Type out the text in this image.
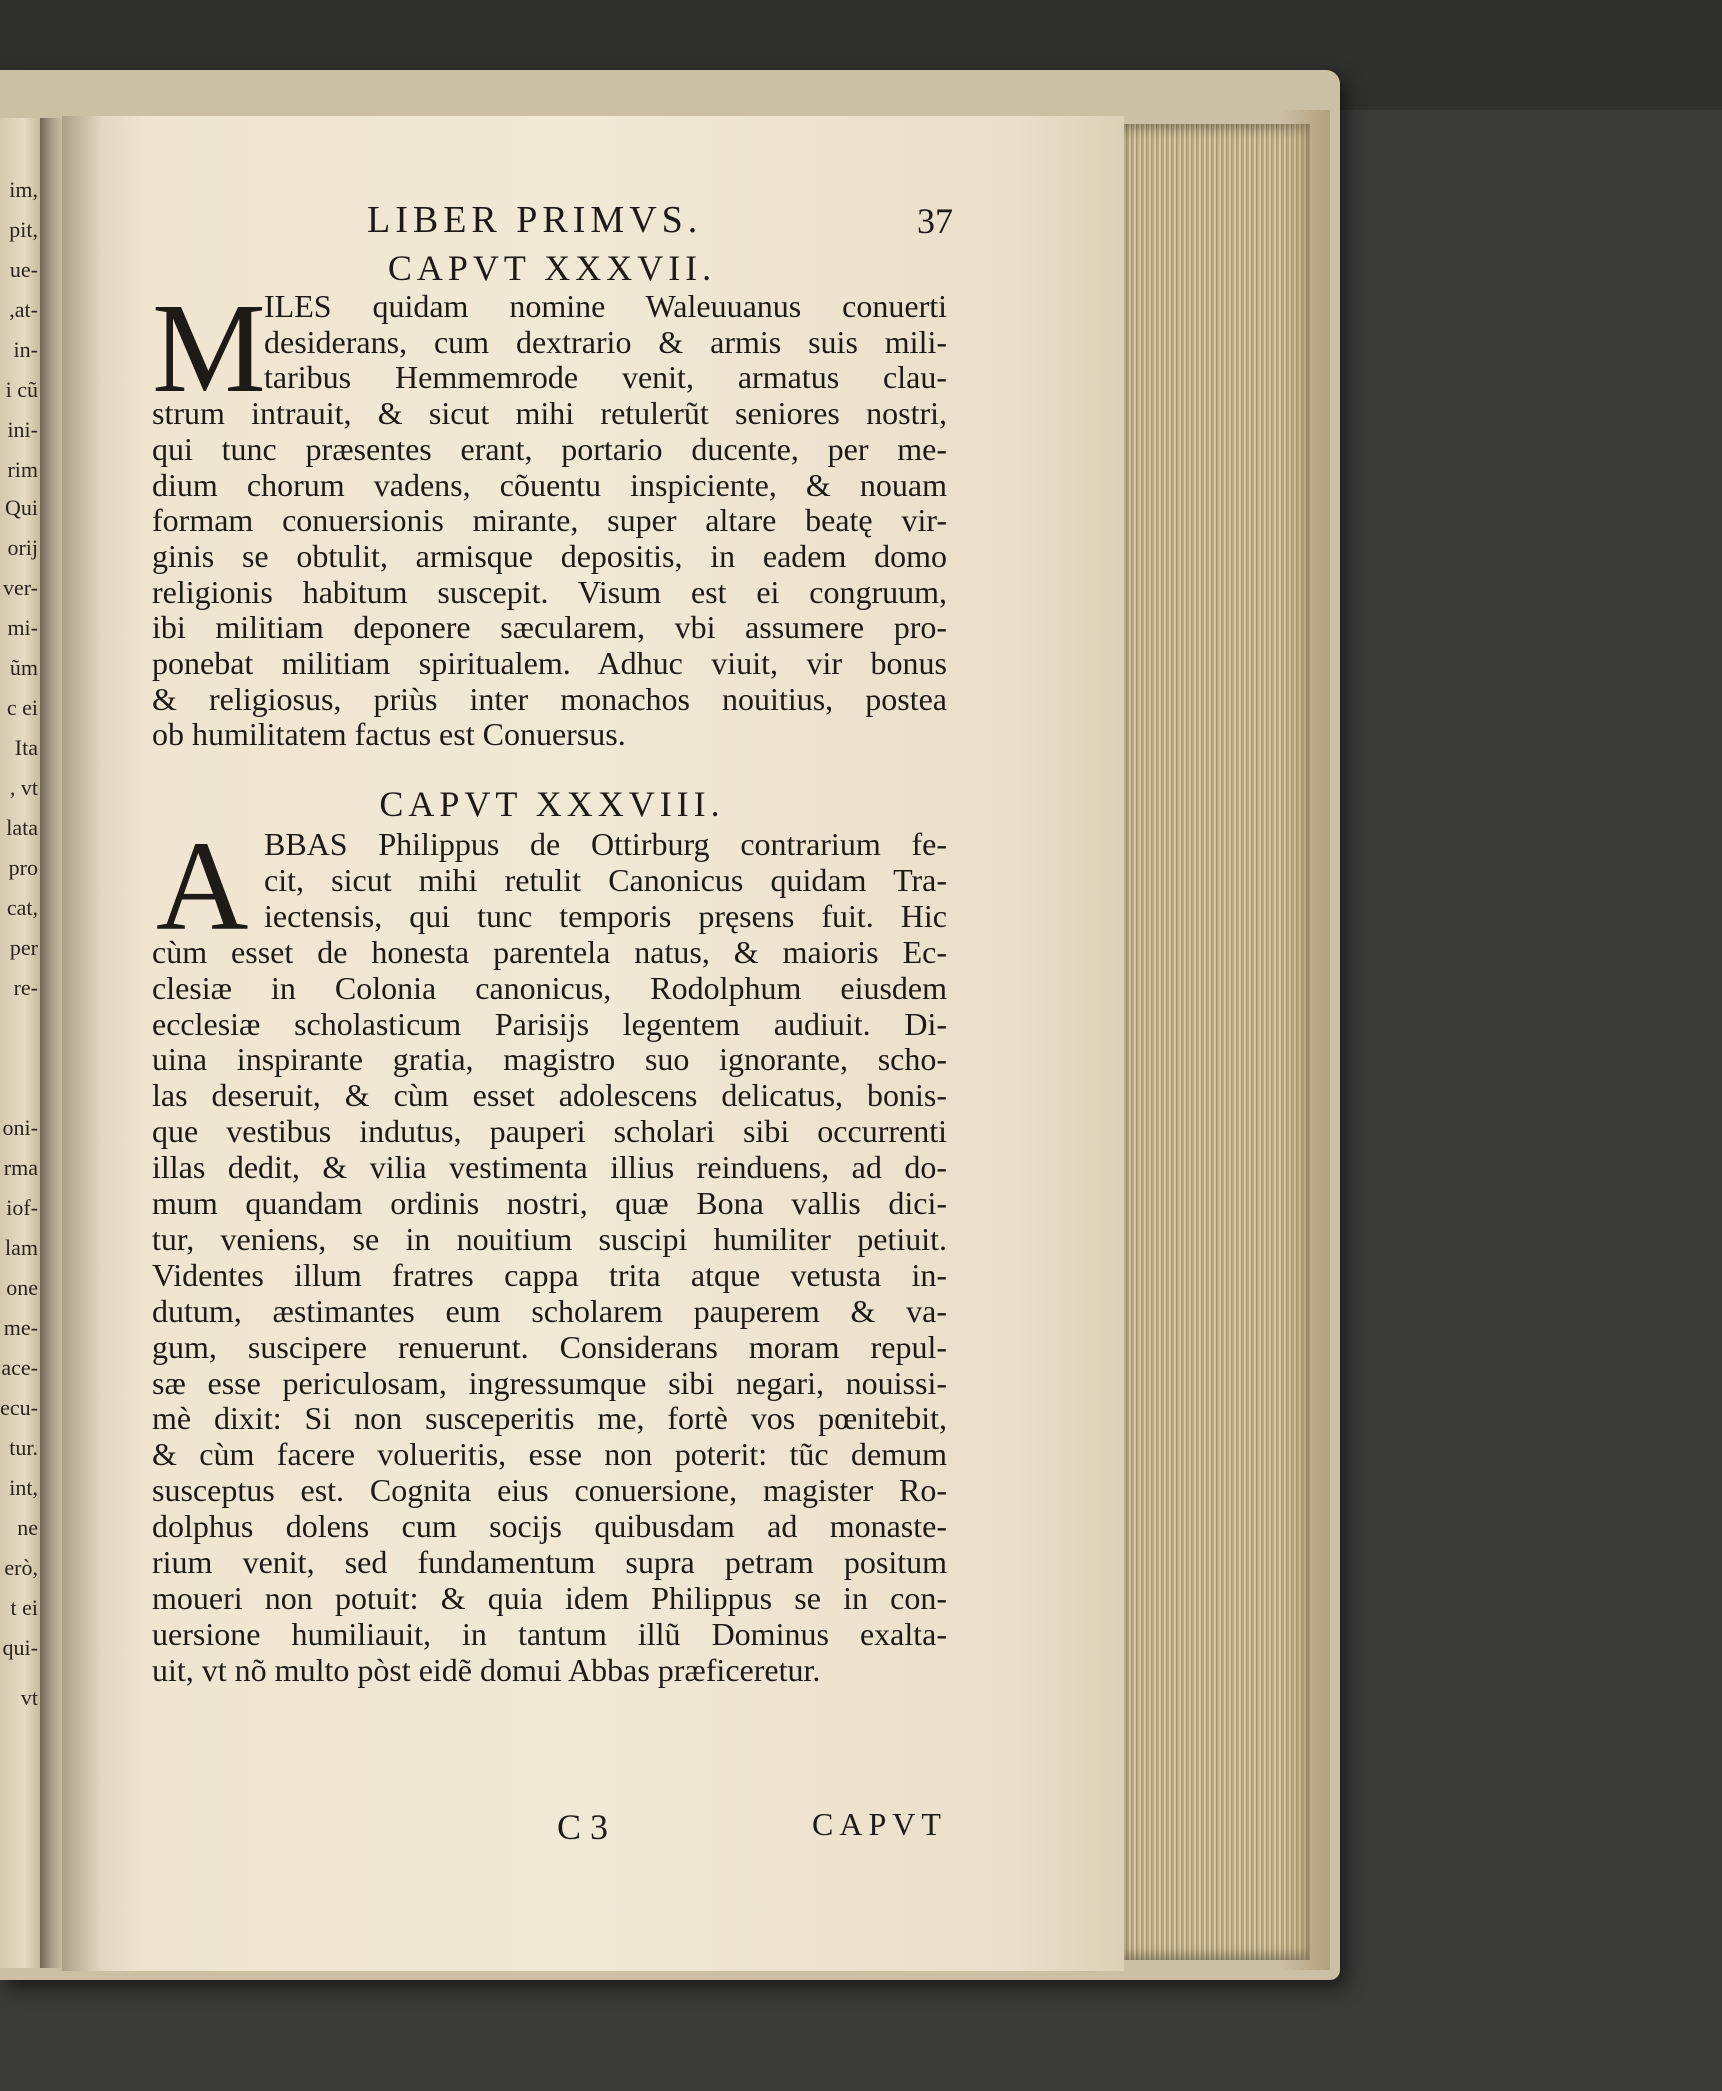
im,
pit,
ue-
,at-
in-
i cũ
ini-
rim
Qui
orij
ver-
mi-
ũm
c ei
Ita
, vt
lata
pro
cat,
per
re-
oni-
rma
iof-
lam
one
me-
ace-
ecu-
tur.
int,
ne
erò,
t ei
qui-
vt
LIBER PRIMVS.	37
CAPVT XXXVII.
M
ILES quidam nomine Waleuuanus conuerti
desiderans, cum dextrario & armis suis mili-
taribus Hemmemrode venit, armatus clau-
strum intrauit, & sicut mihi retulerũt seniores nostri,
qui tunc præsentes erant, portario ducente, per me-
dium chorum vadens, cõuentu inspiciente, & nouam
formam conuersionis mirante, super altare beatę vir-
ginis se obtulit, armisque depositis, in eadem domo
religionis habitum suscepit. Visum est ei congruum,
ibi militiam deponere sæcularem, vbi assumere pro-
ponebat militiam spiritualem. Adhuc viuit, vir bonus
& religiosus, priùs inter monachos nouitius, postea
ob humilitatem factus est Conuersus.
CAPVT XXXVIII.
A BBAS Philippus de Ottirburg contrarium fe-
cit, sicut mihi retulit Canonicus quidam Tra-
iectensis, qui tunc temporis pręsens fuit. Hic
cùm esset de honesta parentela natus, & maioris Ec-
clesiæ in Colonia canonicus, Rodolphum eiusdem
ecclesiæ scholasticum Parisijs legentem audiuit. Di-
uina inspirante gratia, magistro suo ignorante, scho-
las deseruit, & cùm esset adolescens delicatus, bonis-
que vestibus indutus, pauperi scholari sibi occurrenti
illas dedit, & vilia vestimenta illius reinduens, ad do-
mum quandam ordinis nostri, quæ Bona vallis dici-
tur, veniens, se in nouitium suscipi humiliter petiuit.
Videntes illum fratres cappa trita atque vetusta in-
dutum, æstimantes eum scholarem pauperem & va-
gum, suscipere renuerunt. Considerans moram repul-
sæ esse periculosam, ingressumque sibi negari, nouissi-
mè dixit: Si non susceperitis me, fortè vos pœnitebit,
& cùm facere volueritis, esse non poterit: tũc demum
susceptus est. Cognita eius conuersione, magister Ro-
dolphus dolens cum socijs quibusdam ad monaste-
rium venit, sed fundamentum supra petram positum
moueri non potuit: & quia idem Philippus se in con-
uersione humiliauit, in tantum illũ Dominus exalta-
uit, vt nõ multo pòst eidẽ domui Abbas præficeretur.
C 3	CAPVT
